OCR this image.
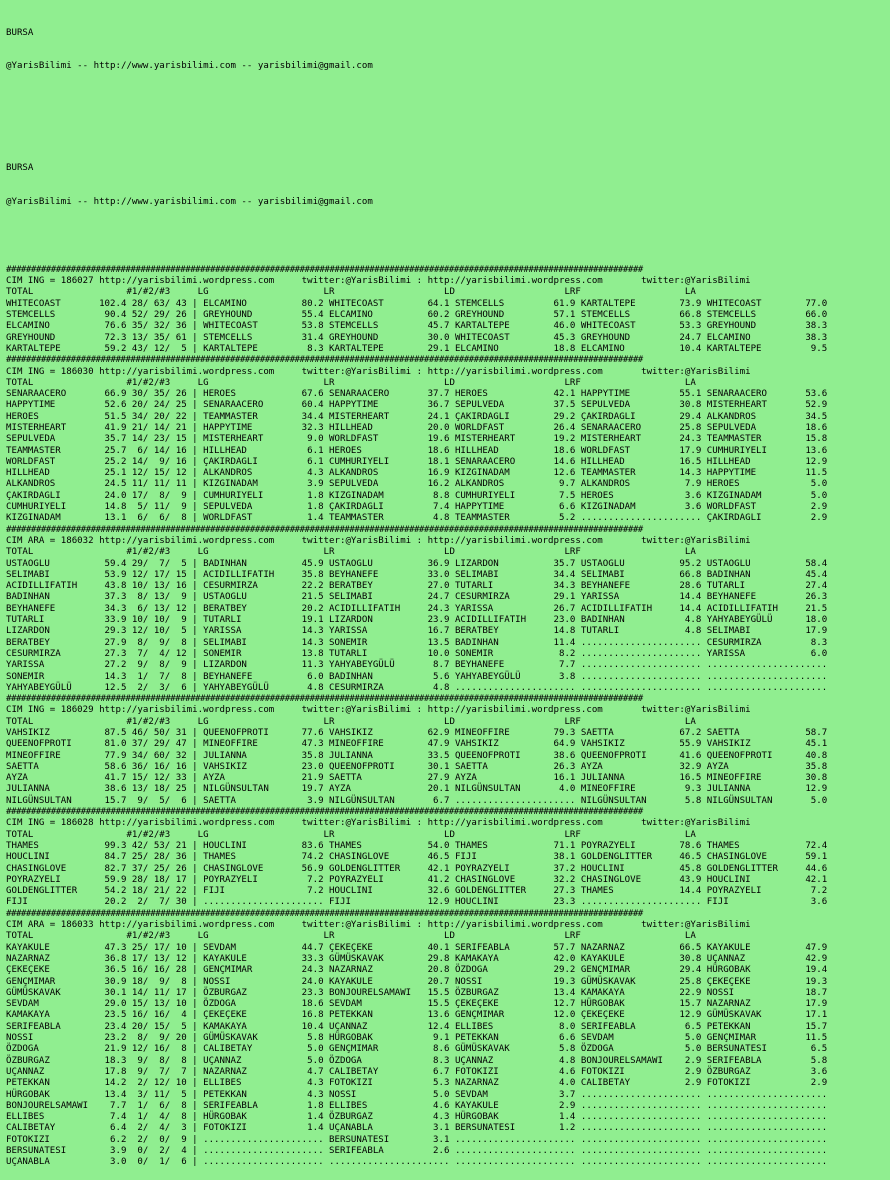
BURSA

@YarisBilimi -- http://www.yarisbilimi.com -- yarisbilimi@gmail.com

BURSA

@YarisBilimi -- http://www.yarisbilimi.com -- yarisbilimi@gmail.com

################################################################################################################################
CIM ING = 186027 http://yarisbilimi.wordpress.com     twitter:@YarisBilimi : http://yarisbilimi.wordpress.com       twitter:@YarisBilimi
TOTAL                 #1/#2/#3     LG                     LR                    LD                    LRF                   LA
WHITECOAST       102.4 28/ 63/ 43 | ELCAMINO          80.2 WHITECOAST        64.1 STEMCELLS         61.9 KARTALTEPE        73.9 WHITECOAST        77.0
STEMCELLS         90.4 52/ 29/ 26 | GREYHOUND         55.4 ELCAMINO          60.2 GREYHOUND         57.1 STEMCELLS         66.8 STEMCELLS         66.0
ELCAMINO          76.6 35/ 32/ 36 | WHITECOAST        53.8 STEMCELLS         45.7 KARTALTEPE        46.0 WHITECOAST        53.3 GREYHOUND         38.3
GREYHOUND         72.3 13/ 35/ 61 | STEMCELLS         31.4 GREYHOUND         30.0 WHITECOAST        45.3 GREYHOUND         24.7 ELCAMINO          38.3
KARTALTEPE        59.2 43/ 12/  5 | KARTALTEPE         8.3 KARTALTEPE        29.1 ELCAMINO          18.8 ELCAMINO          10.4 KARTALTEPE         9.5
################################################################################################################################
CIM ING = 186030 http://yarisbilimi.wordpress.com     twitter:@YarisBilimi : http://yarisbilimi.wordpress.com       twitter:@YarisBilimi
TOTAL                 #1/#2/#3     LG                     LR                    LD                    LRF                   LA
SENARAACERO       66.9 30/ 35/ 26 | HEROES            67.6 SENARAACERO       37.7 HEROES            42.1 HAPPYTIME         55.1 SENARAACERO       53.6
HAPPYTIME         52.6 20/ 24/ 25 | SENARAACERO       60.4 HAPPYTIME         36.7 SEPULVEDA         37.5 SEPULVEDA         30.8 MISTERHEART       52.9
HEROES            51.5 34/ 20/ 22 | TEAMMASTER        34.4 MISTERHEART       24.1 ÇAKIRDAGLI        29.2 ÇAKIRDAGLI        29.4 ALKANDROS         34.5
MISTERHEART       41.9 21/ 14/ 21 | HAPPYTIME         32.3 HILLHEAD          20.0 WORLDFAST         26.4 SENARAACERO       25.8 SEPULVEDA         18.6
SEPULVEDA         35.7 14/ 23/ 15 | MISTERHEART        9.0 WORLDFAST         19.6 MISTERHEART       19.2 MISTERHEART       24.3 TEAMMASTER        15.8
TEAMMASTER        25.7  6/ 14/ 16 | HILLHEAD           6.1 HEROES            18.6 HILLHEAD          18.6 WORLDFAST         17.9 CUMHURIYELI       13.6
WORLDFAST         25.2 14/  9/ 16 | ÇAKIRDAGLI         6.1 CUMHURIYELI       18.1 SENARAACERO       14.6 HILLHEAD          16.5 HILLHEAD          12.9
HILLHEAD          25.1 12/ 15/ 12 | ALKANDROS          4.3 ALKANDROS         16.9 KIZGINADAM        12.6 TEAMMASTER        14.3 HAPPYTIME         11.5
ALKANDROS         24.5 11/ 11/ 11 | KIZGINADAM         3.9 SEPULVEDA         16.2 ALKANDROS          9.7 ALKANDROS          7.9 HEROES             5.0
ÇAKIRDAGLI        24.0 17/  8/  9 | CUMHURIYELI        1.8 KIZGINADAM         8.8 CUMHURIYELI        7.5 HEROES             3.6 KIZGINADAM         5.0
CUMHURIYELI       14.8  5/ 11/  9 | SEPULVEDA          1.8 ÇAKIRDAGLI         7.4 HAPPYTIME          6.6 KIZGINADAM         3.6 WORLDFAST          2.9
KIZGINADAM        13.1  6/  6/  8 | WORLDFAST          1.4 TEAMMASTER         4.8 TEAMMASTER         5.2 ...................... ÇAKIRDAGLI         2.9
################################################################################################################################
CIM ARA = 186032 http://yarisbilimi.wordpress.com     twitter:@YarisBilimi : http://yarisbilimi.wordpress.com       twitter:@YarisBilimi
TOTAL                 #1/#2/#3     LG                     LR                    LD                    LRF                   LA
USTAOGLU          59.4 29/  7/  5 | BADINHAN          45.9 USTAOGLU          36.9 LIZARDON          35.7 USTAOGLU          95.2 USTAOGLU          58.4
SELIMABI          53.9 12/ 17/ 15 | ACIDILLIFATIH     35.8 BEYHANEFE         33.0 SELIMABI          34.4 SELIMABI          66.8 BADINHAN          45.4
ACIDILLIFATIH     43.8 10/ 13/ 16 | CESURMIRZA        22.2 BERATBEY          27.0 TUTARLI           34.3 BEYHANEFE         28.6 TUTARLI           27.4
BADINHAN          37.3  8/ 13/  9 | USTAOGLU          21.5 SELIMABI          24.7 CESURMIRZA        29.1 YARISSA           14.4 BEYHANEFE         26.3
BEYHANEFE         34.3  6/ 13/ 12 | BERATBEY          20.2 ACIDILLIFATIH     24.3 YARISSA           26.7 ACIDILLIFATIH     14.4 ACIDILLIFATIH     21.5
TUTARLI           33.9 10/ 10/  9 | TUTARLI           19.1 LIZARDON          23.9 ACIDILLIFATIH     23.0 BADINHAN           4.8 YAHYABEYGÜLÜ      18.0
LIZARDON          29.3 12/ 10/  5 | YARISSA           14.3 YARISSA           16.7 BERATBEY          14.8 TUTARLI            4.8 SELIMABI          17.9
BERATBEY          27.9  8/  9/  8 | SELIMABI          14.3 SONEMIR           13.5 BADINHAN          11.4 ...................... CESURMIRZA         8.3
CESURMIRZA        27.3  7/  4/ 12 | SONEMIR           13.8 TUTARLI           10.0 SONEMIR            8.2 ...................... YARISSA            6.0
YARISSA           27.2  9/  8/  9 | LIZARDON          11.3 YAHYABEYGÜLÜ       8.7 BEYHANEFE          7.7 ...................... ......................
SONEMIR           14.3  1/  7/  8 | BEYHANEFE          6.0 BADINHAN           5.6 YAHYABEYGÜLÜ       3.8 ...................... ......................
YAHYABEYGÜLÜ      12.5  2/  3/  6 | YAHYABEYGÜLÜ       4.8 CESURMIRZA         4.8 ...................... ...................... ......................
################################################################################################################################
CIM ING = 186029 http://yarisbilimi.wordpress.com     twitter:@YarisBilimi : http://yarisbilimi.wordpress.com       twitter:@YarisBilimi
TOTAL                 #1/#2/#3     LG                     LR                    LD                    LRF                   LA
VAHSIKIZ          87.5 46/ 50/ 31 | QUEENOFPROTI      77.6 VAHSIKIZ          62.9 MINEOFFIRE        79.3 SAETTA            67.2 SAETTA            58.7
QUEENOFPROTI      81.0 37/ 29/ 47 | MINEOFFIRE        47.3 MINEOFFIRE        47.9 VAHSIKIZ          64.9 VAHSIKIZ          55.9 VAHSIKIZ          45.1
MINEOFFIRE        77.9 34/ 60/ 32 | JULIANNA          35.8 JULIANNA          33.5 QUEENOFPROTI      38.6 QUEENOFPROTI      41.6 QUEENOFPROTI      40.8
SAETTA            58.6 36/ 16/ 16 | VAHSIKIZ          23.0 QUEENOFPROTI      30.1 SAETTA            26.3 AYZA              32.9 AYZA              35.8
AYZA              41.7 15/ 12/ 33 | AYZA              21.9 SAETTA            27.9 AYZA              16.1 JULIANNA          16.5 MINEOFFIRE        30.8
JULIANNA          38.6 13/ 18/ 25 | NILGÜNSULTAN      19.7 AYZA              20.1 NILGÜNSULTAN       4.0 MINEOFFIRE         9.3 JULIANNA          12.9
NILGÜNSULTAN      15.7  9/  5/  6 | SAETTA             3.9 NILGÜNSULTAN       6.7 ...................... NILGÜNSULTAN       5.8 NILGÜNSULTAN       5.0
################################################################################################################################
CIM ING = 186028 http://yarisbilimi.wordpress.com     twitter:@YarisBilimi : http://yarisbilimi.wordpress.com       twitter:@YarisBilimi
TOTAL                 #1/#2/#3     LG                     LR                    LD                    LRF                   LA
THAMES            99.3 42/ 53/ 21 | HOUCLINI          83.6 THAMES            54.0 THAMES            71.1 POYRAZYELI        78.6 THAMES            72.4
HOUCLINI          84.7 25/ 28/ 36 | THAMES            74.2 CHASINGLOVE       46.5 FIJI              38.1 GOLDENGLITTER     46.5 CHASINGLOVE       59.1
CHASINGLOVE       82.7 37/ 25/ 26 | CHASINGLOVE       56.9 GOLDENGLITTER     42.1 POYRAZYELI        37.2 HOUCLINI          45.8 GOLDENGLITTER     44.6
POYRAZYELI        59.9 28/ 18/ 17 | POYRAZYELI         7.2 POYRAZYELI        41.2 CHASINGLOVE       32.2 CHASINGLOVE       43.9 HOUCLINI          42.1
GOLDENGLITTER     54.2 18/ 21/ 22 | FIJI               7.2 HOUCLINI          32.6 GOLDENGLITTER     27.3 THAMES            14.4 POYRAZYELI         7.2
FIJI              20.2  2/  7/ 30 | ...................... FIJI              12.9 HOUCLINI          23.3 ...................... FIJI               3.6
################################################################################################################################
CIM ARA = 186033 http://yarisbilimi.wordpress.com     twitter:@YarisBilimi : http://yarisbilimi.wordpress.com       twitter:@YarisBilimi
TOTAL                 #1/#2/#3     LG                     LR                    LD                    LRF                   LA
KAYAKULE          47.3 25/ 17/ 10 | SEVDAM            44.7 ÇEKEÇEKE          40.1 SERIFEABLA        57.7 NAZARNAZ          66.5 KAYAKULE          47.9
NAZARNAZ          36.8 17/ 13/ 12 | KAYAKULE          33.3 GÜMÜSKAVAK        29.8 KAMAKAYA          42.0 KAYAKULE          30.8 UÇANNAZ           42.9
ÇEKEÇEKE          36.5 16/ 16/ 28 | GENÇMIMAR         24.3 NAZARNAZ          20.8 ÖZDOGA            29.2 GENÇMIMAR         29.4 HÜRGOBAK          19.4
GENÇMIMAR         30.9 18/  9/  8 | NOSSI             24.0 KAYAKULE          20.7 NOSSI             19.3 GÜMÜSKAVAK        25.8 ÇEKEÇEKE          19.3
GÜMÜSKAVAK        30.1 14/ 11/ 17 | ÖZBURGAZ          23.3 BONJOURELSAMAWI   15.5 ÖZBURGAZ          13.4 KAMAKAYA          22.9 NOSSI             18.7
SEVDAM            29.0 15/ 13/ 10 | ÖZDOGA            18.6 SEVDAM            15.5 ÇEKEÇEKE          12.7 HÜRGOBAK          15.7 NAZARNAZ          17.9
KAMAKAYA          23.5 16/ 16/  4 | ÇEKEÇEKE          16.8 PETEKKAN          13.6 GENÇMIMAR         12.0 ÇEKEÇEKE          12.9 GÜMÜSKAVAK        17.1
SERIFEABLA        23.4 20/ 15/  5 | KAMAKAYA          10.4 UÇANNAZ           12.4 ELLIBES            8.0 SERIFEABLA         6.5 PETEKKAN          15.7
NOSSI             23.2  8/  9/ 20 | GÜMÜSKAVAK         5.8 HÜRGOBAK           9.1 PETEKKAN           6.6 SEVDAM             5.0 GENÇMIMAR         11.5
ÖZDOGA            21.9 12/ 16/  8 | CALIBETAY          5.0 GENÇMIMAR          8.6 GÜMÜSKAVAK         5.8 ÖZDOGA             5.0 BERSUNATESI        6.5
ÖZBURGAZ          18.3  9/  8/  8 | UÇANNAZ            5.0 ÖZDOGA             8.3 UÇANNAZ            4.8 BONJOURELSAMAWI    2.9 SERIFEABLA         5.8
UÇANNAZ           17.8  9/  7/  7 | NAZARNAZ           4.7 CALIBETAY          6.7 FOTOKIZI           4.6 FOTOKIZI           2.9 ÖZBURGAZ           3.6
PETEKKAN          14.2  2/ 12/ 10 | ELLIBES            4.3 FOTOKIZI           5.3 NAZARNAZ           4.0 CALIBETAY          2.9 FOTOKIZI           2.9
HÜRGOBAK          13.4  3/ 11/  5 | PETEKKAN           4.3 NOSSI              5.0 SEVDAM             3.7 ...................... ......................
BONJOURELSAMAWI    7.7  1/  6/  8 | SERIFEABLA         1.8 ELLIBES            4.6 KAYAKULE           2.9 ...................... ......................
ELLIBES            7.4  1/  4/  8 | HÜRGOBAK           1.4 ÖZBURGAZ           4.3 HÜRGOBAK           1.4 ...................... ......................
CALIBETAY          6.4  2/  4/  3 | FOTOKIZI           1.4 UÇANABLA           3.1 BERSUNATESI        1.2 ...................... ......................
FOTOKIZI           6.2  2/  0/  9 | ...................... BERSUNATESI        3.1 ...................... ...................... ......................
BERSUNATESI        3.9  0/  2/  4 | ...................... SERIFEABLA         2.6 ...................... ...................... ......................
UÇANABLA           3.0  0/  1/  6 | ...................... ...................... ...................... ...................... ......................
